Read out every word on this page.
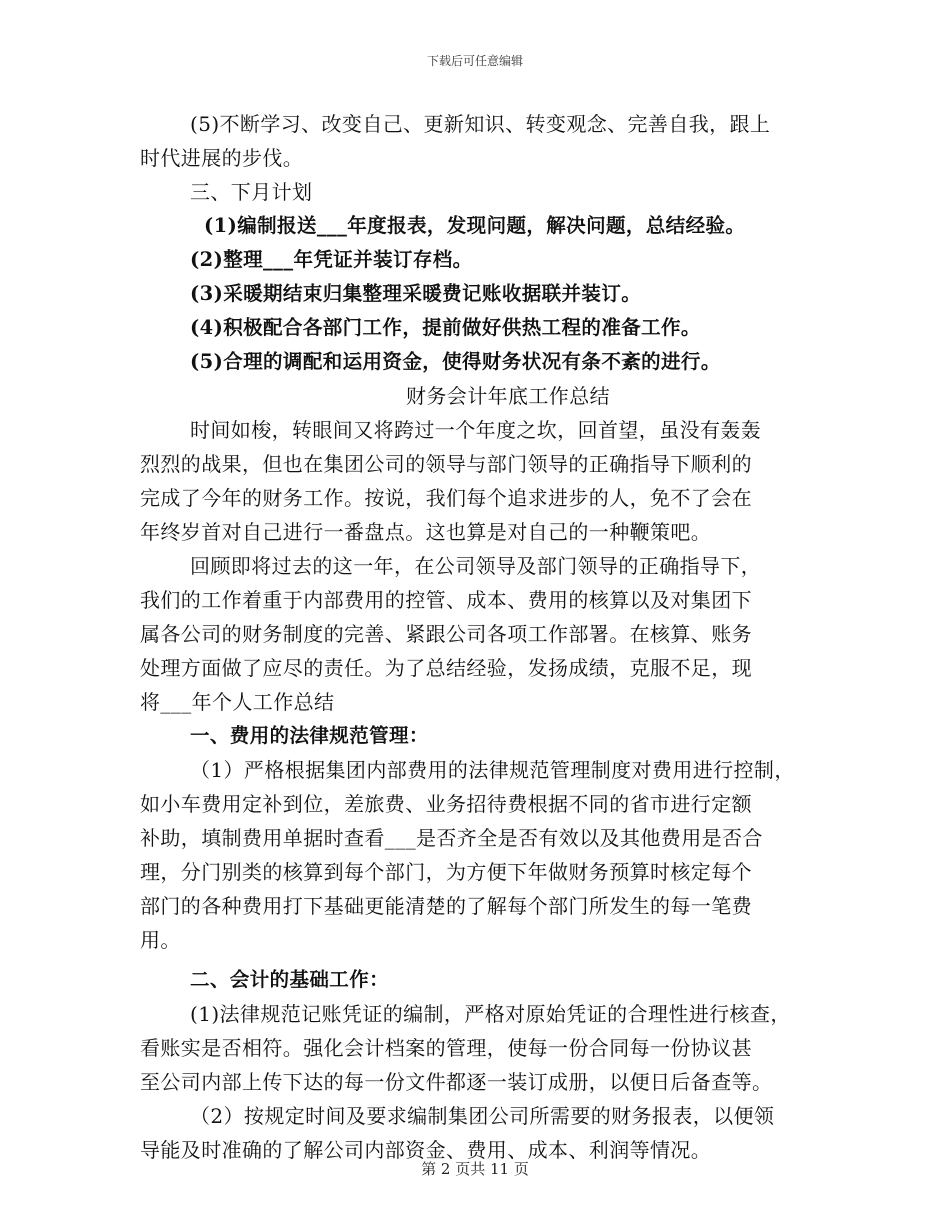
下载后可任意编辑
(5)不断学习、改变自己、更新知识、转变观念、完善自我，跟上
时代进展的步伐。
三、下月计划
(1)编制报送___年度报表，发现问题，解决问题，总结经验。
(2)整理___年凭证并装订存档。
(3)采暖期结束归集整理采暖费记账收据联并装订。
(4)积极配合各部门工作，提前做好供热工程的准备工作。
(5)合理的调配和运用资金，使得财务状况有条不紊的进行。
财务会计年底工作总结
时间如梭，转眼间又将跨过一个年度之坎，回首望，虽没有轰轰
烈烈的战果，但也在集团公司的领导与部门领导的正确指导下顺利的
完成了今年的财务工作。按说，我们每个追求进步的人，免不了会在
年终岁首对自己进行一番盘点。这也算是对自己的一种鞭策吧。
回顾即将过去的这一年，在公司领导及部门领导的正确指导下，
我们的工作着重于内部费用的控管、成本、费用的核算以及对集团下
属各公司的财务制度的完善、紧跟公司各项工作部署。在核算、账务
处理方面做了应尽的责任。为了总结经验，发扬成绩，克服不足，现
将___年个人工作总结
一、费用的法律规范管理：
（1）严格根据集团内部费用的法律规范管理制度对费用进行控制，
如小车费用定补到位，差旅费、业务招待费根据不同的省市进行定额
补助，填制费用单据时查看___是否齐全是否有效以及其他费用是否合
理，分门别类的核算到每个部门，为方便下年做财务预算时核定每个
部门的各种费用打下基础更能清楚的了解每个部门所发生的每一笔费
用。
二、会计的基础工作：
(1)法律规范记账凭证的编制，严格对原始凭证的合理性进行核查，
看账实是否相符。强化会计档案的管理，使每一份合同每一份协议甚
至公司内部上传下达的每一份文件都逐一装订成册，以便日后备查等。
（2）按规定时间及要求编制集团公司所需要的财务报表，以便领
导能及时准确的了解公司内部资金、费用、成本、利润等情况。
第 2 页共 11 页
